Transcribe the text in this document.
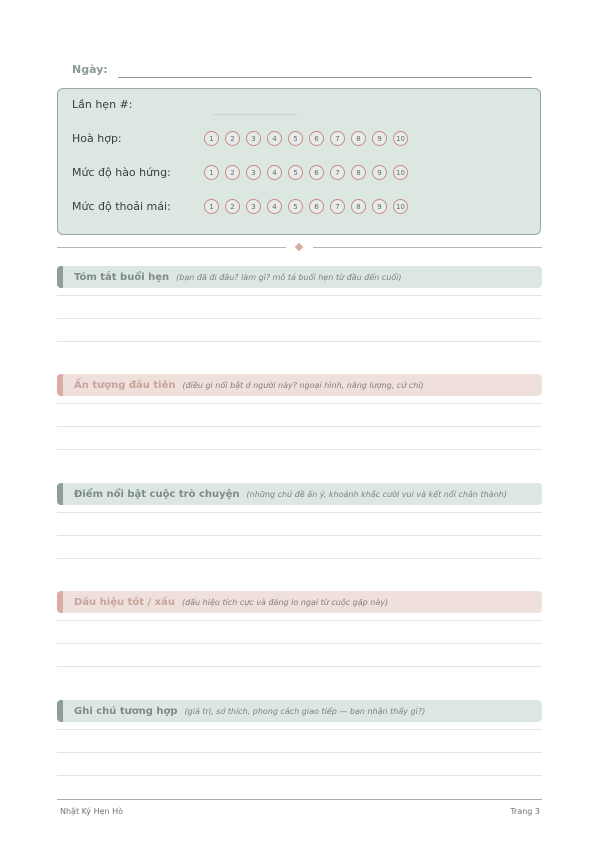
Ngày:
Lần hẹn #:
Hoà hợp:	1	2	3	4	5	6	7	8	9	10
Mức độ hào hứng:	1	2	3	4	5	6	7	8	9	10
Mức độ thoải mái:	1	2	3	4	5	6	7	8	9	10
Tóm tắt buổi hẹn (bạn đã đi đâu? làm gì? mô tả buổi hẹn từ đầu đến cuối)
Ấn tượng đầu tiên (điều gì nổi bật ở người này? ngoại hình, năng lượng, cử chỉ)
Điểm nổi bật cuộc trò chuyện (những chủ đề ấn ý, khoảnh khắc cười vui và kết nối chân thành)
Dấu hiệu tốt / xấu (dấu hiệu tích cực và đáng lo ngại từ cuộc gặp này)
Ghi chú tương hợp (giá trị, sở thích, phong cách giao tiếp — bạn nhận thấy gì?)
Nhật Ký Hẹn Hò	Trang 3
